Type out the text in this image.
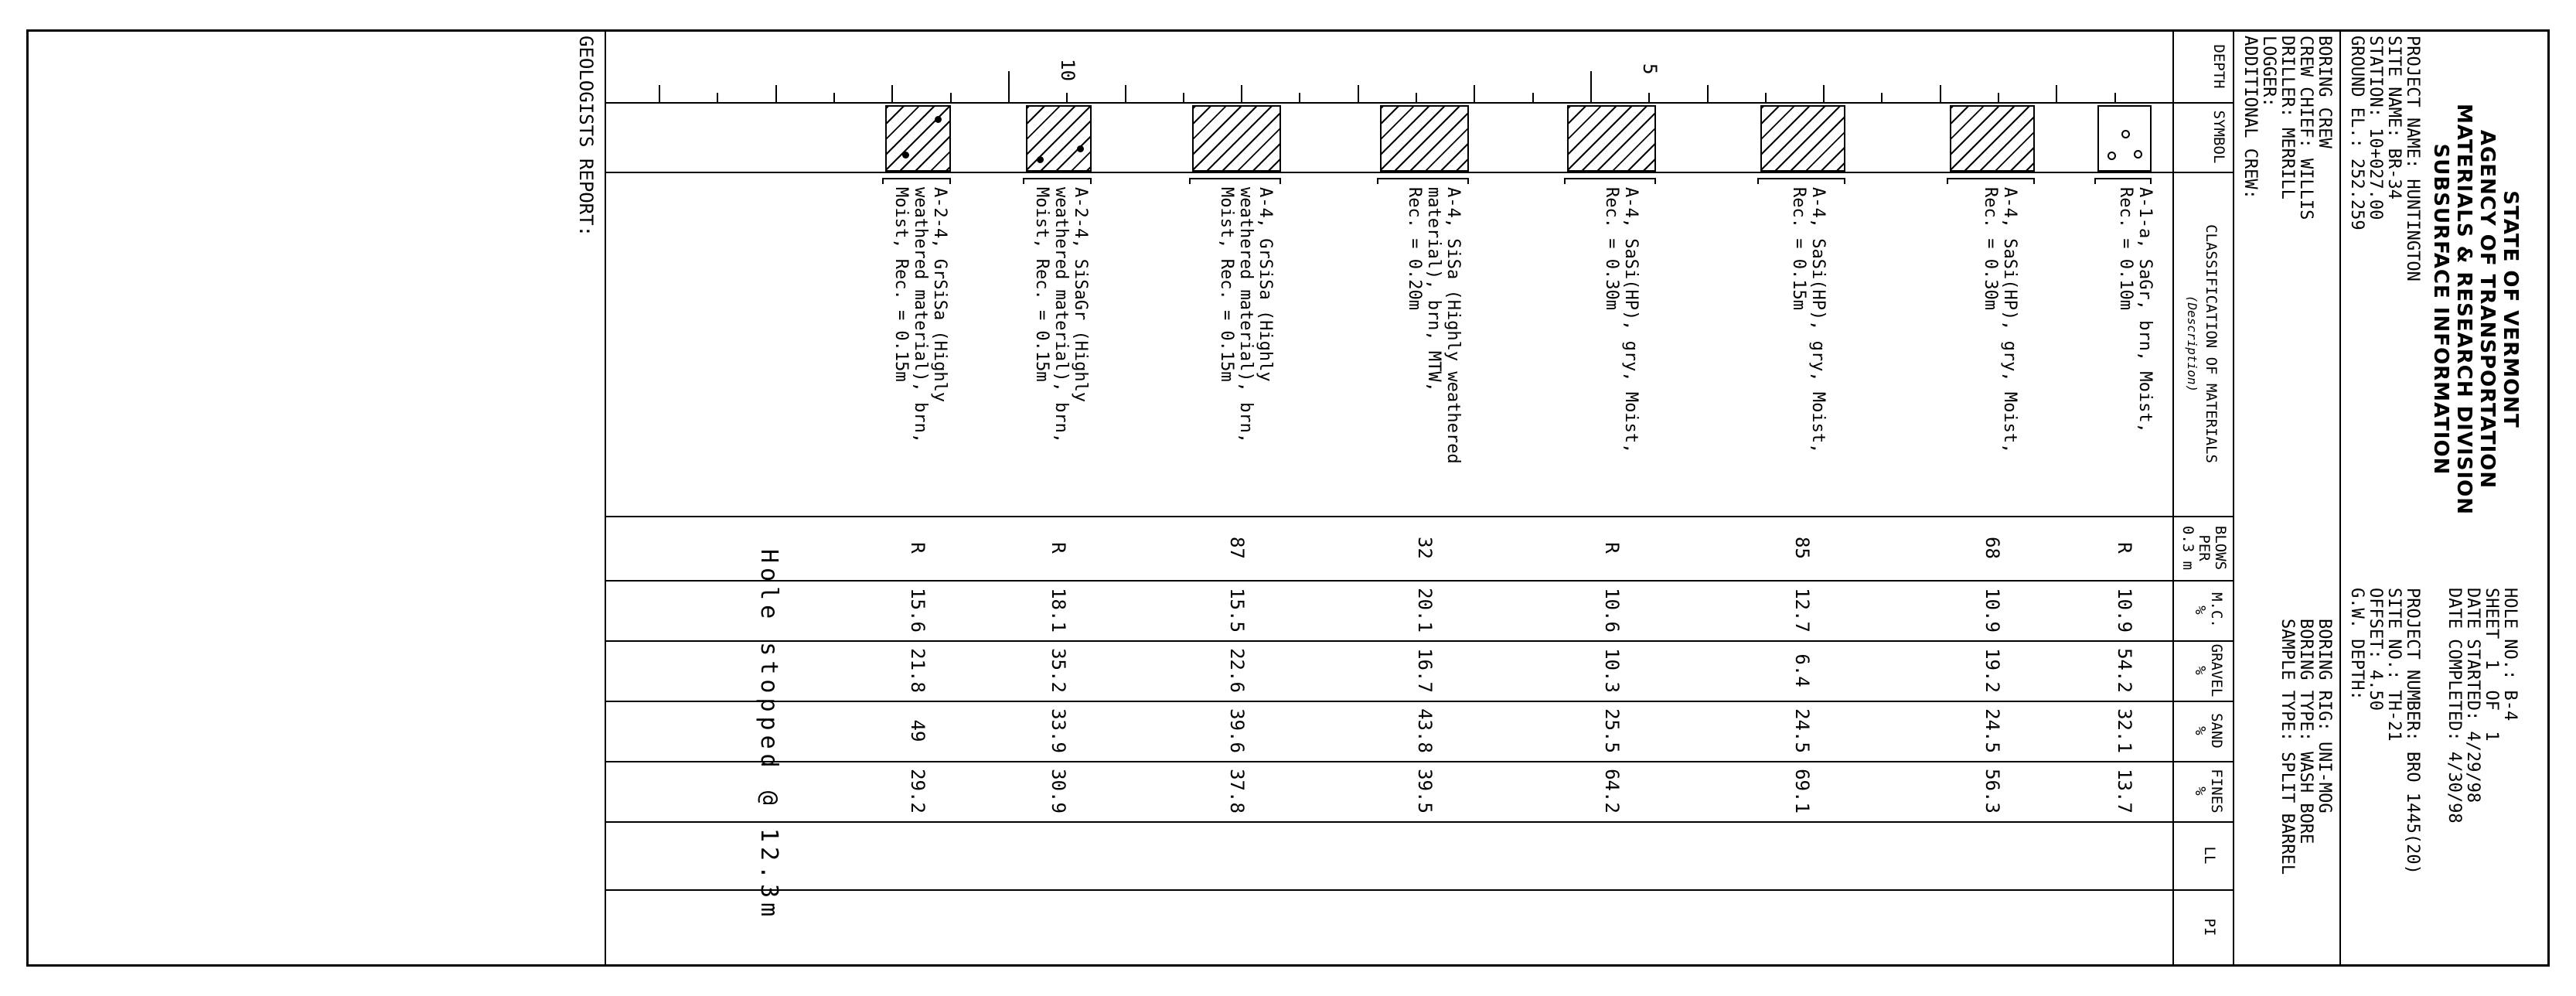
STATE OF VERMONT
AGENCY OF TRANSPORTATION
MATERIALS & RESEARCH DIVISION
SUBSURFACE INFORMATION
HOLE NO.: B-4
SHEET  1  OF  1
DATE STARTED: 4/29/98
DATE COMPLETED: 4/30/98
PROJECT NAME: HUNTINGTON
SITE NAME: BR-34
STATION: 10+027.00
GROUND EL.: 252.259
PROJECT NUMBER: BRO 1445(20)
SITE NO.: TH-21
OFFSET: 4.50
G.W. DEPTH:
BORING CREW
CREW CHIEF: WILLIS
DRILLER: MERRILL
LOGGER:
ADDITIONAL CREW:
BORING RIG: UNI-MOG
BORING TYPE: WASH BORE
SAMPLE TYPE: SPLIT BARREL
DEPTH
SYMBOL
CLASSIFICATION OF MATERIALS
(Description)
BLOWS
PER
0.3 m
M.C.
%
GRAVEL
%
SAND
%
FINES
%
LL
PI
5
10
A-1-a, SaGr, brn, Moist,
Rec. = 0.10m
R
10.9
54.2
32.1
13.7
A-4, SaSi(HP), gry, Moist,
Rec. = 0.30m
68
10.9
19.2
24.5
56.3
A-4, SaSi(HP), gry, Moist,
Rec. = 0.15m
85
12.7
6.4
24.5
69.1
A-4, SaSi(HP), gry, Moist,
Rec. = 0.30m
R
10.6
10.3
25.5
64.2
A-4, SiSa (Highly weathered
material), brn, MTW,
Rec. = 0.20m
32
20.1
16.7
43.8
39.5
A-4, GrSiSa (Highly
weathered material), brn,
Moist, Rec. = 0.15m
87
15.5
22.6
39.6
37.8
A-2-4, SiSaGr (Highly
weathered material), brn,
Moist, Rec. = 0.15m
R
18.1
35.2
33.9
30.9
A-2-4, GrSiSa (Highly
weathered material), brn,
Moist, Rec. = 0.15m
R
15.6
21.8
49
29.2
Hole stopped @ 12.3m
GEOLOGISTS REPORT:
